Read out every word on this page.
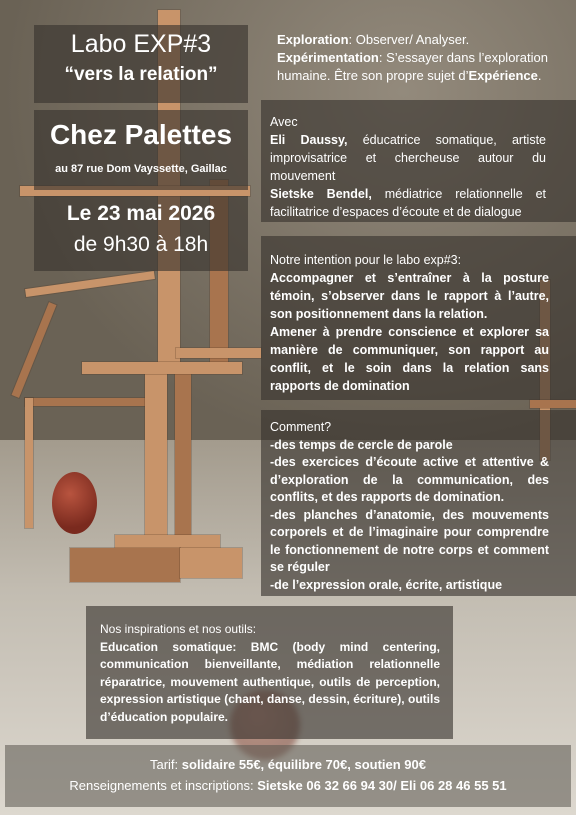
Labo EXP#3
“vers la relation”
Chez Palettes
au 87 rue Dom Vayssette, Gaillac
Le 23 mai 2026
de 9h30 à 18h

Exploration: Observer/ Analyser.

Expérimentation: S’essayer dans l’exploration humaine. Être son propre sujet d’Expérience.

Avec

Eli Daussy, éducatrice somatique, artiste improvisatrice et chercheuse autour du mouvement

Sietske Bendel, médiatrice relationnelle et facilitatrice d’espaces d’écoute et de dialogue

Notre intention pour le labo exp#3:

Accompagner et s’entraîner à la posture témoin, s’observer dans le rapport à l’autre, son positionnement dans la relation.

Amener à prendre conscience et explorer sa manière de communiquer, son rapport au conflit, et le soin dans la relation sans rapports de domination

Comment?

-des temps de cercle de parole

-des exercices d’écoute active et attentive & d’exploration de la communication, des conflits, et des rapports de domination.

-des planches d’anatomie, des mouvements corporels et de l’imaginaire pour comprendre le fonctionnement de notre corps et comment se réguler

-de l’expression orale, écrite, artistique

Nos inspirations et nos outils:

Education somatique: BMC (body mind centering, communication bienveillante, médiation relationnelle réparatrice, mouvement authentique, outils de perception, expression artistique (chant, danse, dessin, écriture), outils d’éducation populaire.

Tarif: solidaire 55€, équilibre 70€, soutien 90€
Renseignements et inscriptions: Sietske 06 32 66 94 30/ Eli 06 28 46 55 51
